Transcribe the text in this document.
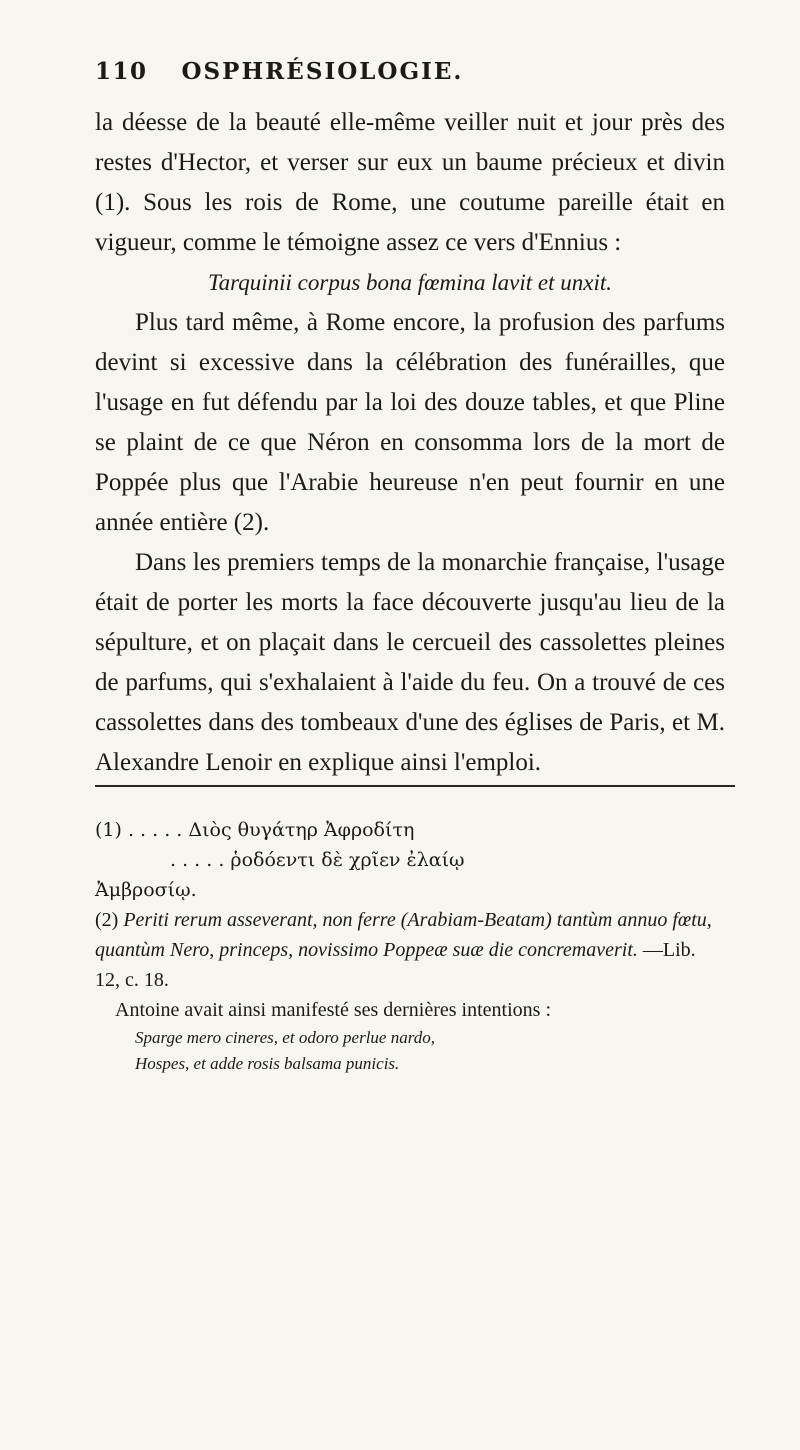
110 OSPHRÉSIOLOGIE.

la déesse de la beauté elle-même veiller nuit et jour près des restes d'Hector, et verser sur eux un baume précieux et divin (1). Sous les rois de Rome, une coutume pareille était en vigueur, comme le témoigne assez ce vers d'Ennius :

Tarquinii corpus bona fœmina lavit et unxit.

Plus tard même, à Rome encore, la profusion des parfums devint si excessive dans la célébration des funérailles, que l'usage en fut défendu par la loi des douze tables, et que Pline se plaint de ce que Néron en consomma lors de la mort de Poppée plus que l'Arabie heureuse n'en peut fournir en une année entière (2).

Dans les premiers temps de la monarchie française, l'usage était de porter les morts la face découverte jusqu'au lieu de la sépulture, et on plaçait dans le cercueil des cassolettes pleines de parfums, qui s'exhalaient à l'aide du feu. On a trouvé de ces cassolettes dans des tombeaux d'une des églises de Paris, et M. Alexandre Lenoir en explique ainsi l'emploi.

(1) . . . . . Διὸς θυγάτηρ Ἀφροδίτη

. . . . . ῥοδόεντι δὲ χρῖεν ἐλαίῳ

Ἀμβροσίῳ.

(2) Periti rerum asseverant, non ferre (Arabiam-Beatam) tantùm annuo fœtu, quantùm Nero, princeps, novissimo Poppeæ suæ die concremaverit. —Lib. 12, c. 18.

Antoine avait ainsi manifesté ses dernières intentions :

Sparge mero cineres, et odoro perlue nardo,

Hospes, et adde rosis balsama punicis.
